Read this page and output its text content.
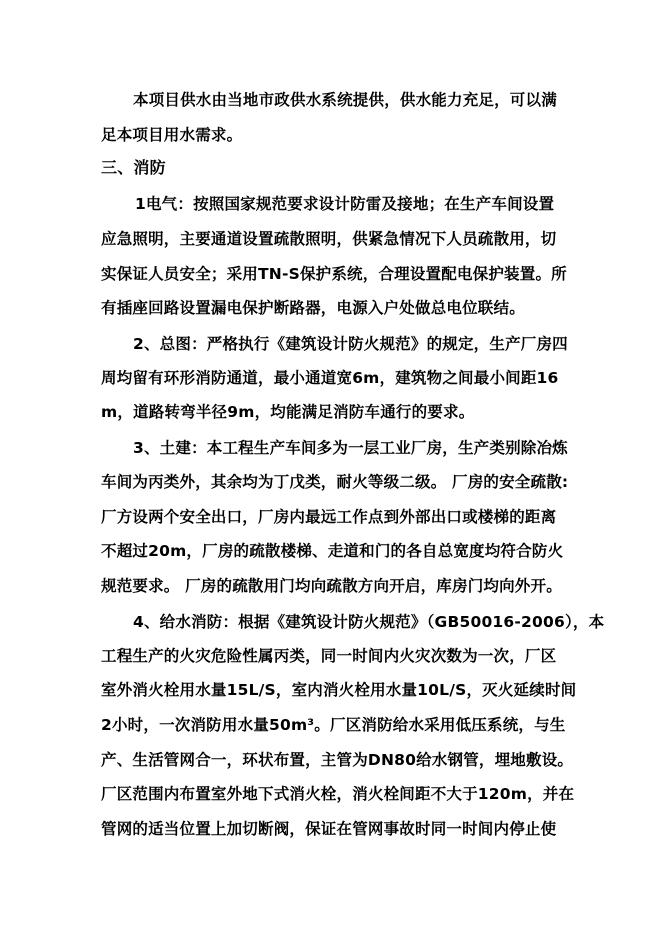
本项目供水由当地市政供水系统提供，供水能力充足，可以满
足本项目用水需求。
三、消防
1电气：按照国家规范要求设计防雷及接地；在生产车间设置
应急照明，主要通道设置疏散照明，供紧急情况下人员疏散用，切
实保证人员安全；采用TN-S保护系统，合理设置配电保护装置。所
有插座回路设置漏电保护断路器，电源入户处做总电位联结。
2、总图：严格执行《建筑设计防火规范》的规定，生产厂房四
周均留有环形消防通道，最小通道宽6m，建筑物之间最小间距16
m，道路转弯半径9m，均能满足消防车通行的要求。
3、土建：本工程生产车间多为一层工业厂房，生产类别除冶炼
车间为丙类外，其余均为丁戊类，耐火等级二级。 厂房的安全疏散:
厂方设两个安全出口，厂房内最远工作点到外部出口或楼梯的距离
不超过20m，厂房的疏散楼梯、走道和门的各自总宽度均符合防火
规范要求。 厂房的疏散用门均向疏散方向开启，库房门均向外开。
4、给水消防：根据《建筑设计防火规范》（GB50016-2006），本
工程生产的火灾危险性属丙类，同一时间内火灾次数为一次，厂区
室外消火栓用水量15L/S，室内消火栓用水量10L/S，灭火延续时间
2小时，一次消防用水量50m³。厂区消防给水采用低压系统，与生
产、生活管网合一，环状布置，主管为DN80给水钢管，埋地敷设。
厂区范围内布置室外地下式消火栓，消火栓间距不大于120m，并在
管网的适当位置上加切断阀，保证在管网事故时同一时间内停止使
